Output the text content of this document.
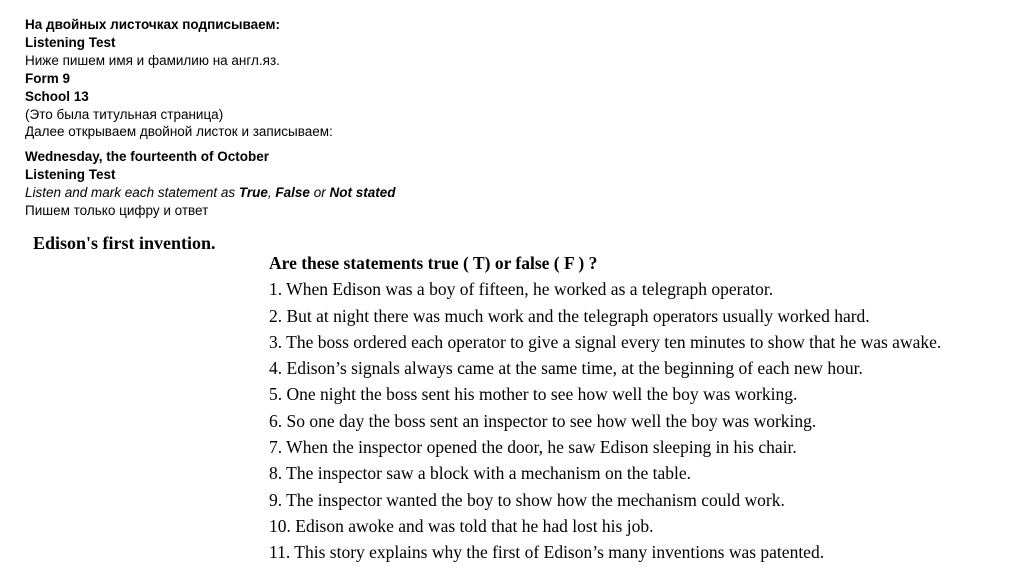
На двойных листочках подписываем:
Listening Test
Ниже пишем имя и фамилию на англ.яз.
Form 9
School 13
(Это была титульная страница)
Далее открываем двойной листок и записываем:
Wednesday, the fourteenth of October
Listening Test
Listen and mark each statement as True, False or Not stated
Пишем только цифру и ответ
Edison's first invention.
Are these statements true ( T) or false ( F ) ?
1. When Edison was a boy of fifteen, he worked as a telegraph operator.
2. But at night there was much work and the telegraph operators usually worked hard.
3. The boss ordered each operator to give a signal every ten minutes to show that he was awake.
4. Edison’s signals always came at the same time, at the beginning of each new hour.
5. One night the boss sent his mother to see how well the boy was working.
6. So one day the boss sent an inspector to see how well the boy was working.
7. When the inspector opened the door, he saw Edison sleeping in his chair.
8. The inspector saw a block with a mechanism on the table.
9. The inspector wanted the boy to show how the mechanism could work.
10. Edison awoke and was told that he had lost his job.
11. This story explains why the first of Edison’s many inventions was patented.
